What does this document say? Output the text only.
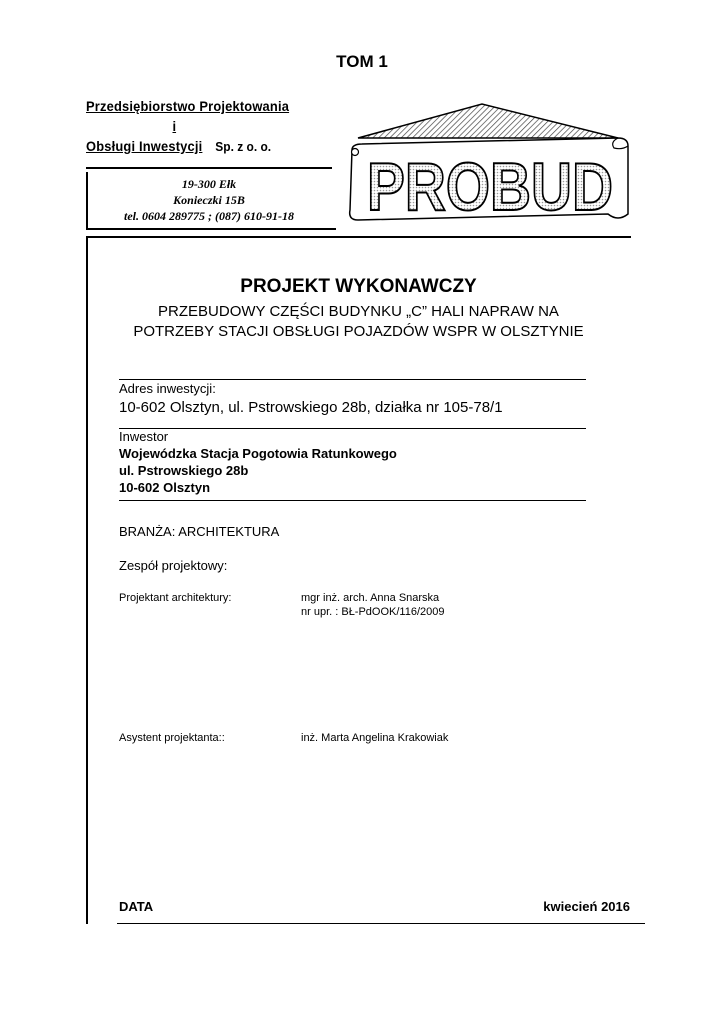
TOM 1
Przedsiębiorstwo Projektowania

i
Obsługi Inwestycji Sp. z o. o.
19-300 Ełk
Konieczki 15B
tel. 0604 289775 ; (087) 610-91-18	PROBUD
PROJEKT WYKONAWCZY
PRZEBUDOWY CZĘŚCI BUDYNKU „C” HALI NAPRAW NA
POTRZEBY STACJI OBSŁUGI POJAZDÓW WSPR W OLSZTYNIE
Adres inwestycji:
10-602 Olsztyn, ul. Pstrowskiego 28b, działka nr 105-78/1
Inwestor
Wojewódzka Stacja Pogotowia Ratunkowego
ul. Pstrowskiego 28b
10-602 Olsztyn
BRANŻA: ARCHITEKTURA
Zespół projektowy:
Projektant architektury:	mgr inż. arch. Anna Snarska
nr upr. : BŁ-PdOOK/116/2009
Asystent projektanta::	inż. Marta Angelina Krakowiak
DATA	kwiecień 2016
